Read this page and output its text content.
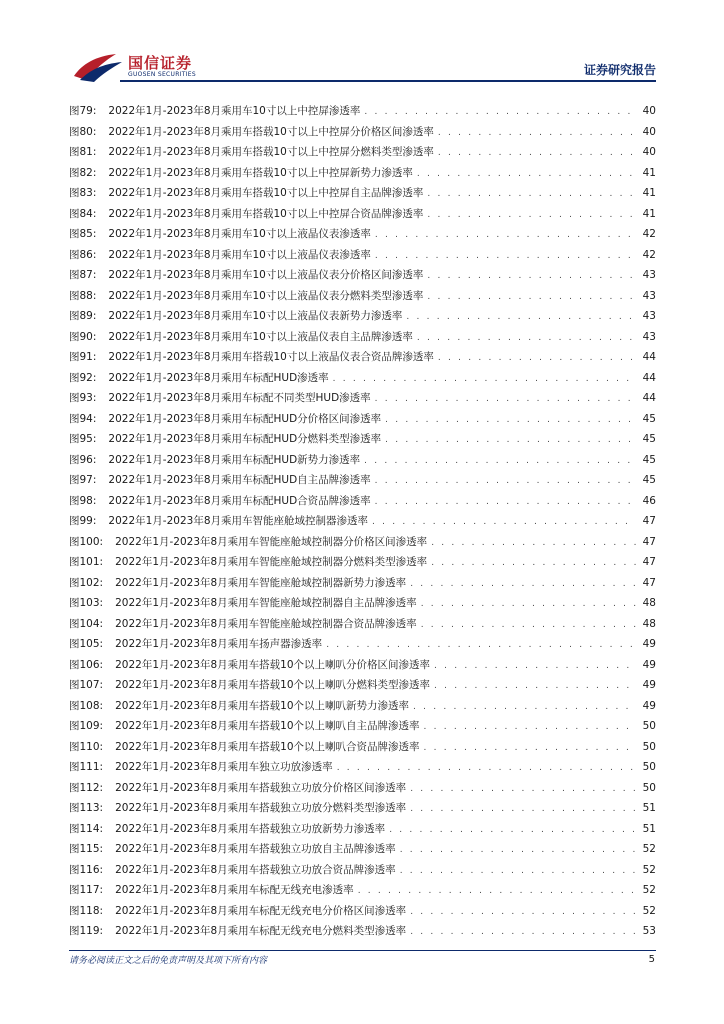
国信证券
GUOSEN SECURITIES	证券研究报告
图79: 2022年1月-2023年8月乘用车10寸以上中控屏渗透率 . . .	40
图80: 2022年1月-2023年8月乘用车搭载10寸以上中控屏分价格区间渗透率 . . .	40
图81: 2022年1月-2023年8月乘用车搭载10寸以上中控屏分燃料类型渗透率 . . .	40
图82: 2022年1月-2023年8月乘用车搭载10寸以上中控屏新势力渗透率 . . .	41
图83: 2022年1月-2023年8月乘用车搭载10寸以上中控屏自主品牌渗透率 . . .	41
图84: 2022年1月-2023年8月乘用车搭载10寸以上中控屏合资品牌渗透率 . . .	41
图85: 2022年1月-2023年8月乘用车10寸以上液晶仪表渗透率 . . .	42
图86: 2022年1月-2023年8月乘用车10寸以上液晶仪表渗透率 . . .	42
图87: 2022年1月-2023年8月乘用车10寸以上液晶仪表分价格区间渗透率 . . .	43
图88: 2022年1月-2023年8月乘用车10寸以上液晶仪表分燃料类型渗透率 . . .	43
图89: 2022年1月-2023年8月乘用车10寸以上液晶仪表新势力渗透率 . . .	43
图90: 2022年1月-2023年8月乘用车10寸以上液晶仪表自主品牌渗透率 . . .	43
图91: 2022年1月-2023年8月乘用车搭载10寸以上液晶仪表合资品牌渗透率 . . .	44
图92: 2022年1月-2023年8月乘用车标配HUD渗透率 . . .	44
图93: 2022年1月-2023年8月乘用车标配不同类型HUD渗透率 . . .	44
图94: 2022年1月-2023年8月乘用车标配HUD分价格区间渗透率 . . .	45
图95: 2022年1月-2023年8月乘用车标配HUD分燃料类型渗透率 . . .	45
图96: 2022年1月-2023年8月乘用车标配HUD新势力渗透率 . . .	45
图97: 2022年1月-2023年8月乘用车标配HUD自主品牌渗透率 . . .	45
图98: 2022年1月-2023年8月乘用车标配HUD合资品牌渗透率 . . .	46
图99: 2022年1月-2023年8月乘用车智能座舱域控制器渗透率 . . .	47
图100: 2022年1月-2023年8月乘用车智能座舱域控制器分价格区间渗透率 . . .	47
图101: 2022年1月-2023年8月乘用车智能座舱域控制器分燃料类型渗透率 . . .	47
图102: 2022年1月-2023年8月乘用车智能座舱域控制器新势力渗透率 . . .	47
图103: 2022年1月-2023年8月乘用车智能座舱域控制器自主品牌渗透率 . . .	48
图104: 2022年1月-2023年8月乘用车智能座舱域控制器合资品牌渗透率 . . .	48
图105: 2022年1月-2023年8月乘用车扬声器渗透率 . . .	49
图106: 2022年1月-2023年8月乘用车搭载10个以上喇叭分价格区间渗透率 . . .	49
图107: 2022年1月-2023年8月乘用车搭载10个以上喇叭分燃料类型渗透率 . . .	49
图108: 2022年1月-2023年8月乘用车搭载10个以上喇叭新势力渗透率 . . .	49
图109: 2022年1月-2023年8月乘用车搭载10个以上喇叭自主品牌渗透率 . . .	50
图110: 2022年1月-2023年8月乘用车搭载10个以上喇叭合资品牌渗透率 . . .	50
图111: 2022年1月-2023年8月乘用车独立功放渗透率 . . .	50
图112: 2022年1月-2023年8月乘用车搭载独立功放分价格区间渗透率 . . .	50
图113: 2022年1月-2023年8月乘用车搭载独立功放分燃料类型渗透率 . . .	51
图114: 2022年1月-2023年8月乘用车搭载独立功放新势力渗透率 . . .	51
图115: 2022年1月-2023年8月乘用车搭载独立功放自主品牌渗透率 . . .	52
图116: 2022年1月-2023年8月乘用车搭载独立功放合资品牌渗透率 . . .	52
图117: 2022年1月-2023年8月乘用车标配无线充电渗透率 . . .	52
图118: 2022年1月-2023年8月乘用车标配无线充电分价格区间渗透率 . . .	52
图119: 2022年1月-2023年8月乘用车标配无线充电分燃料类型渗透率 . . .	53
请务必阅读正文之后的免责声明及其项下所有内容	5
